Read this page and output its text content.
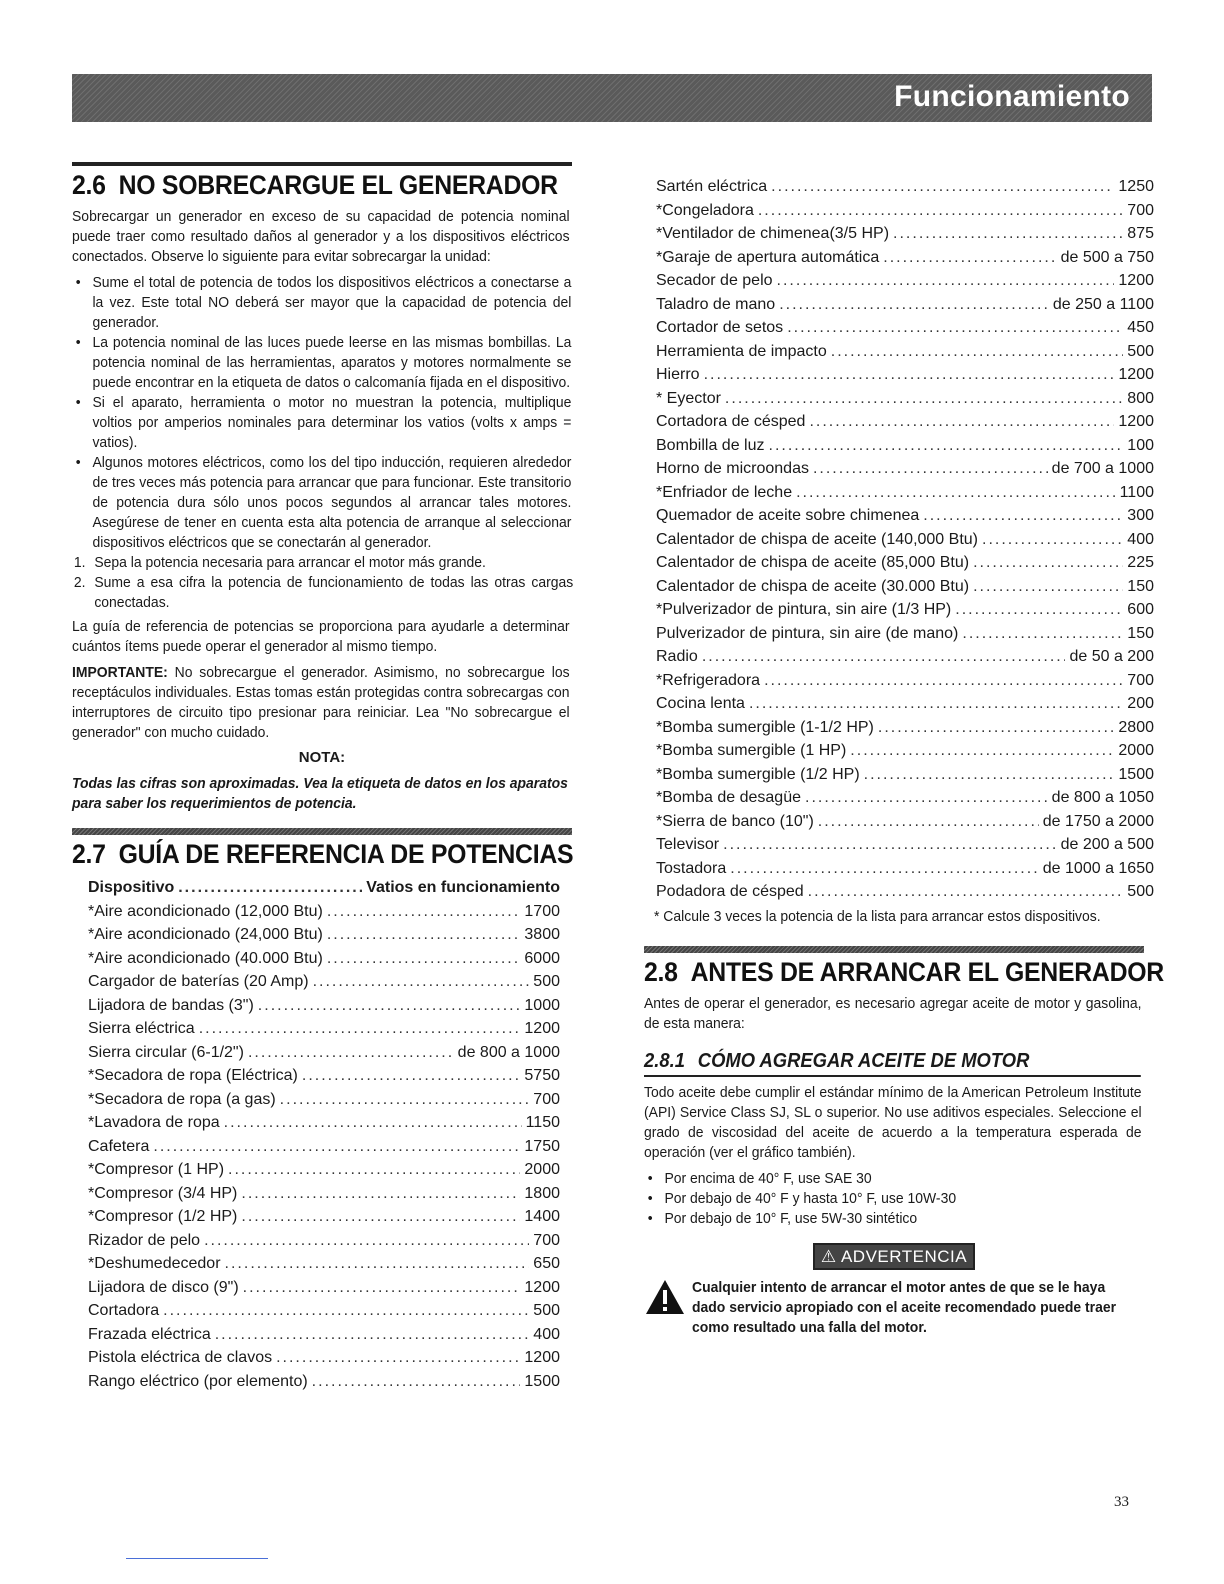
Funcionamiento
2.6 NO SOBRECARGUE EL GENERADOR

Sobrecargar un generador en exceso de su capacidad de potencia nominal puede traer como resultado daños al generador y a los dispositivos eléctricos conectados. Observe lo siguiente para evitar sobrecargar la unidad:

• Sume el total de potencia de todos los dispositivos eléctricos a conectarse a la vez. Este total NO deberá ser mayor que la capacidad de potencia del generador.
• La potencia nominal de las luces puede leerse en las mismas bombillas. La potencia nominal de las herramientas, aparatos y motores normalmente se puede encontrar en la etiqueta de datos o calcomanía fijada en el dispositivo.
• Si el aparato, herramienta o motor no muestran la potencia, multiplique voltios por amperios nominales para determinar los vatios (volts x amps = vatios).
• Algunos motores eléctricos, como los del tipo inducción, requieren alrededor de tres veces más potencia para arrancar que para funcionar. Este transitorio de potencia dura sólo unos pocos segundos al arrancar tales motores. Asegúrese de tener en cuenta esta alta potencia de arranque al seleccionar dispositivos eléctricos que se conectarán al generador.
1. Sepa la potencia necesaria para arrancar el motor más grande.
2. Sume a esa cifra la potencia de funcionamiento de todas las otras cargas conectadas.

La guía de referencia de potencias se proporciona para ayudarle a determinar cuántos ítems puede operar el generador al mismo tiempo.

IMPORTANTE: No sobrecargue el generador. Asimismo, no sobrecargue los receptáculos individuales. Estas tomas están protegidas contra sobrecargas con interruptores de circuito tipo presionar para reiniciar. Lea "No sobrecargue el generador" con mucho cuidado.

NOTA:
Todas las cifras son aproximadas. Vea la etiqueta de datos en los aparatos para saber los requerimientos de potencia.
2.7 GUÍA DE REFERENCIA DE POTENCIAS
Dispositivo .....	Vatios en funcionamiento
*Aire acondicionado (12,000 Btu) .....	1700
*Aire acondicionado (24,000 Btu) .....	3800
*Aire acondicionado (40.000 Btu) .....	6000
Cargador de baterías (20 Amp) .....	500
Lijadora de bandas (3") .....	1000
Sierra eléctrica .....	1200
Sierra circular (6-1/2") .....	de 800 a 1000
*Secadora de ropa (Eléctrica) .....	5750
*Secadora de ropa (a gas) .....	700
*Lavadora de ropa .....	1150
Cafetera .....	1750
*Compresor (1 HP) .....	2000
*Compresor (3/4 HP) .....	1800
*Compresor (1/2 HP) .....	1400
Rizador de pelo .....	700
*Deshumedecedor .....	650
Lijadora de disco (9") .....	1200
Cortadora .....	500
Frazada eléctrica .....	400
Pistola eléctrica de clavos .....	1200
Rango eléctrico (por elemento) .....	1500
Sartén eléctrica .....	1250
*Congeladora .....	700
*Ventilador de chimenea(3/5 HP) .....	875
*Garaje de apertura automática .....	de 500 a 750
Secador de pelo .....	1200
Taladro de mano .....	de 250 a 1100
Cortador de setos .....	450
Herramienta de impacto .....	500
Hierro .....	1200
* Eyector .....	800
Cortadora de césped .....	1200
Bombilla de luz .....	100
Horno de microondas .....	de 700 a 1000
*Enfriador de leche .....	1100
Quemador de aceite sobre chimenea .....	300
Calentador de chispa de aceite (140,000 Btu) .....	400
Calentador de chispa de aceite (85,000 Btu) .....	225
Calentador de chispa de aceite (30.000 Btu) .....	150
*Pulverizador de pintura, sin aire (1/3 HP) .....	600
Pulverizador de pintura, sin aire (de mano) .....	150
Radio .....	de 50 a 200
*Refrigeradora .....	700
Cocina lenta .....	200
*Bomba sumergible (1-1/2 HP) .....	2800
*Bomba sumergible (1 HP) .....	2000
*Bomba sumergible (1/2 HP) .....	1500
*Bomba de desagüe .....	de 800 a 1050
*Sierra de banco (10") .....	de 1750 a 2000
Televisor .....	de 200 a 500
Tostadora .....	de 1000 a 1650
Podadora de césped .....	500
* Calcule 3 veces la potencia de la lista para arrancar estos dispositivos.
2.8 ANTES DE ARRANCAR EL GENERADOR

Antes de operar el generador, es necesario agregar aceite de motor y gasolina, de esta manera:

2.8.1 CÓMO AGREGAR ACEITE DE MOTOR

Todo aceite debe cumplir el estándar mínimo de la American Petroleum Institute (API) Service Class SJ, SL o superior. No use aditivos especiales. Seleccione el grado de viscosidad del aceite de acuerdo a la temperatura esperada de operación (ver el gráfico también).

• Por encima de 40° F, use SAE 30
• Por debajo de 40° F y hasta 10° F, use 10W-30
• Por debajo de 10° F, use 5W-30 sintético
⚠ ADVERTENCIA
Cualquier intento de arrancar el motor antes de que se le haya dado servicio apropiado con el aceite recomendado puede traer como resultado una falla del motor.
33
